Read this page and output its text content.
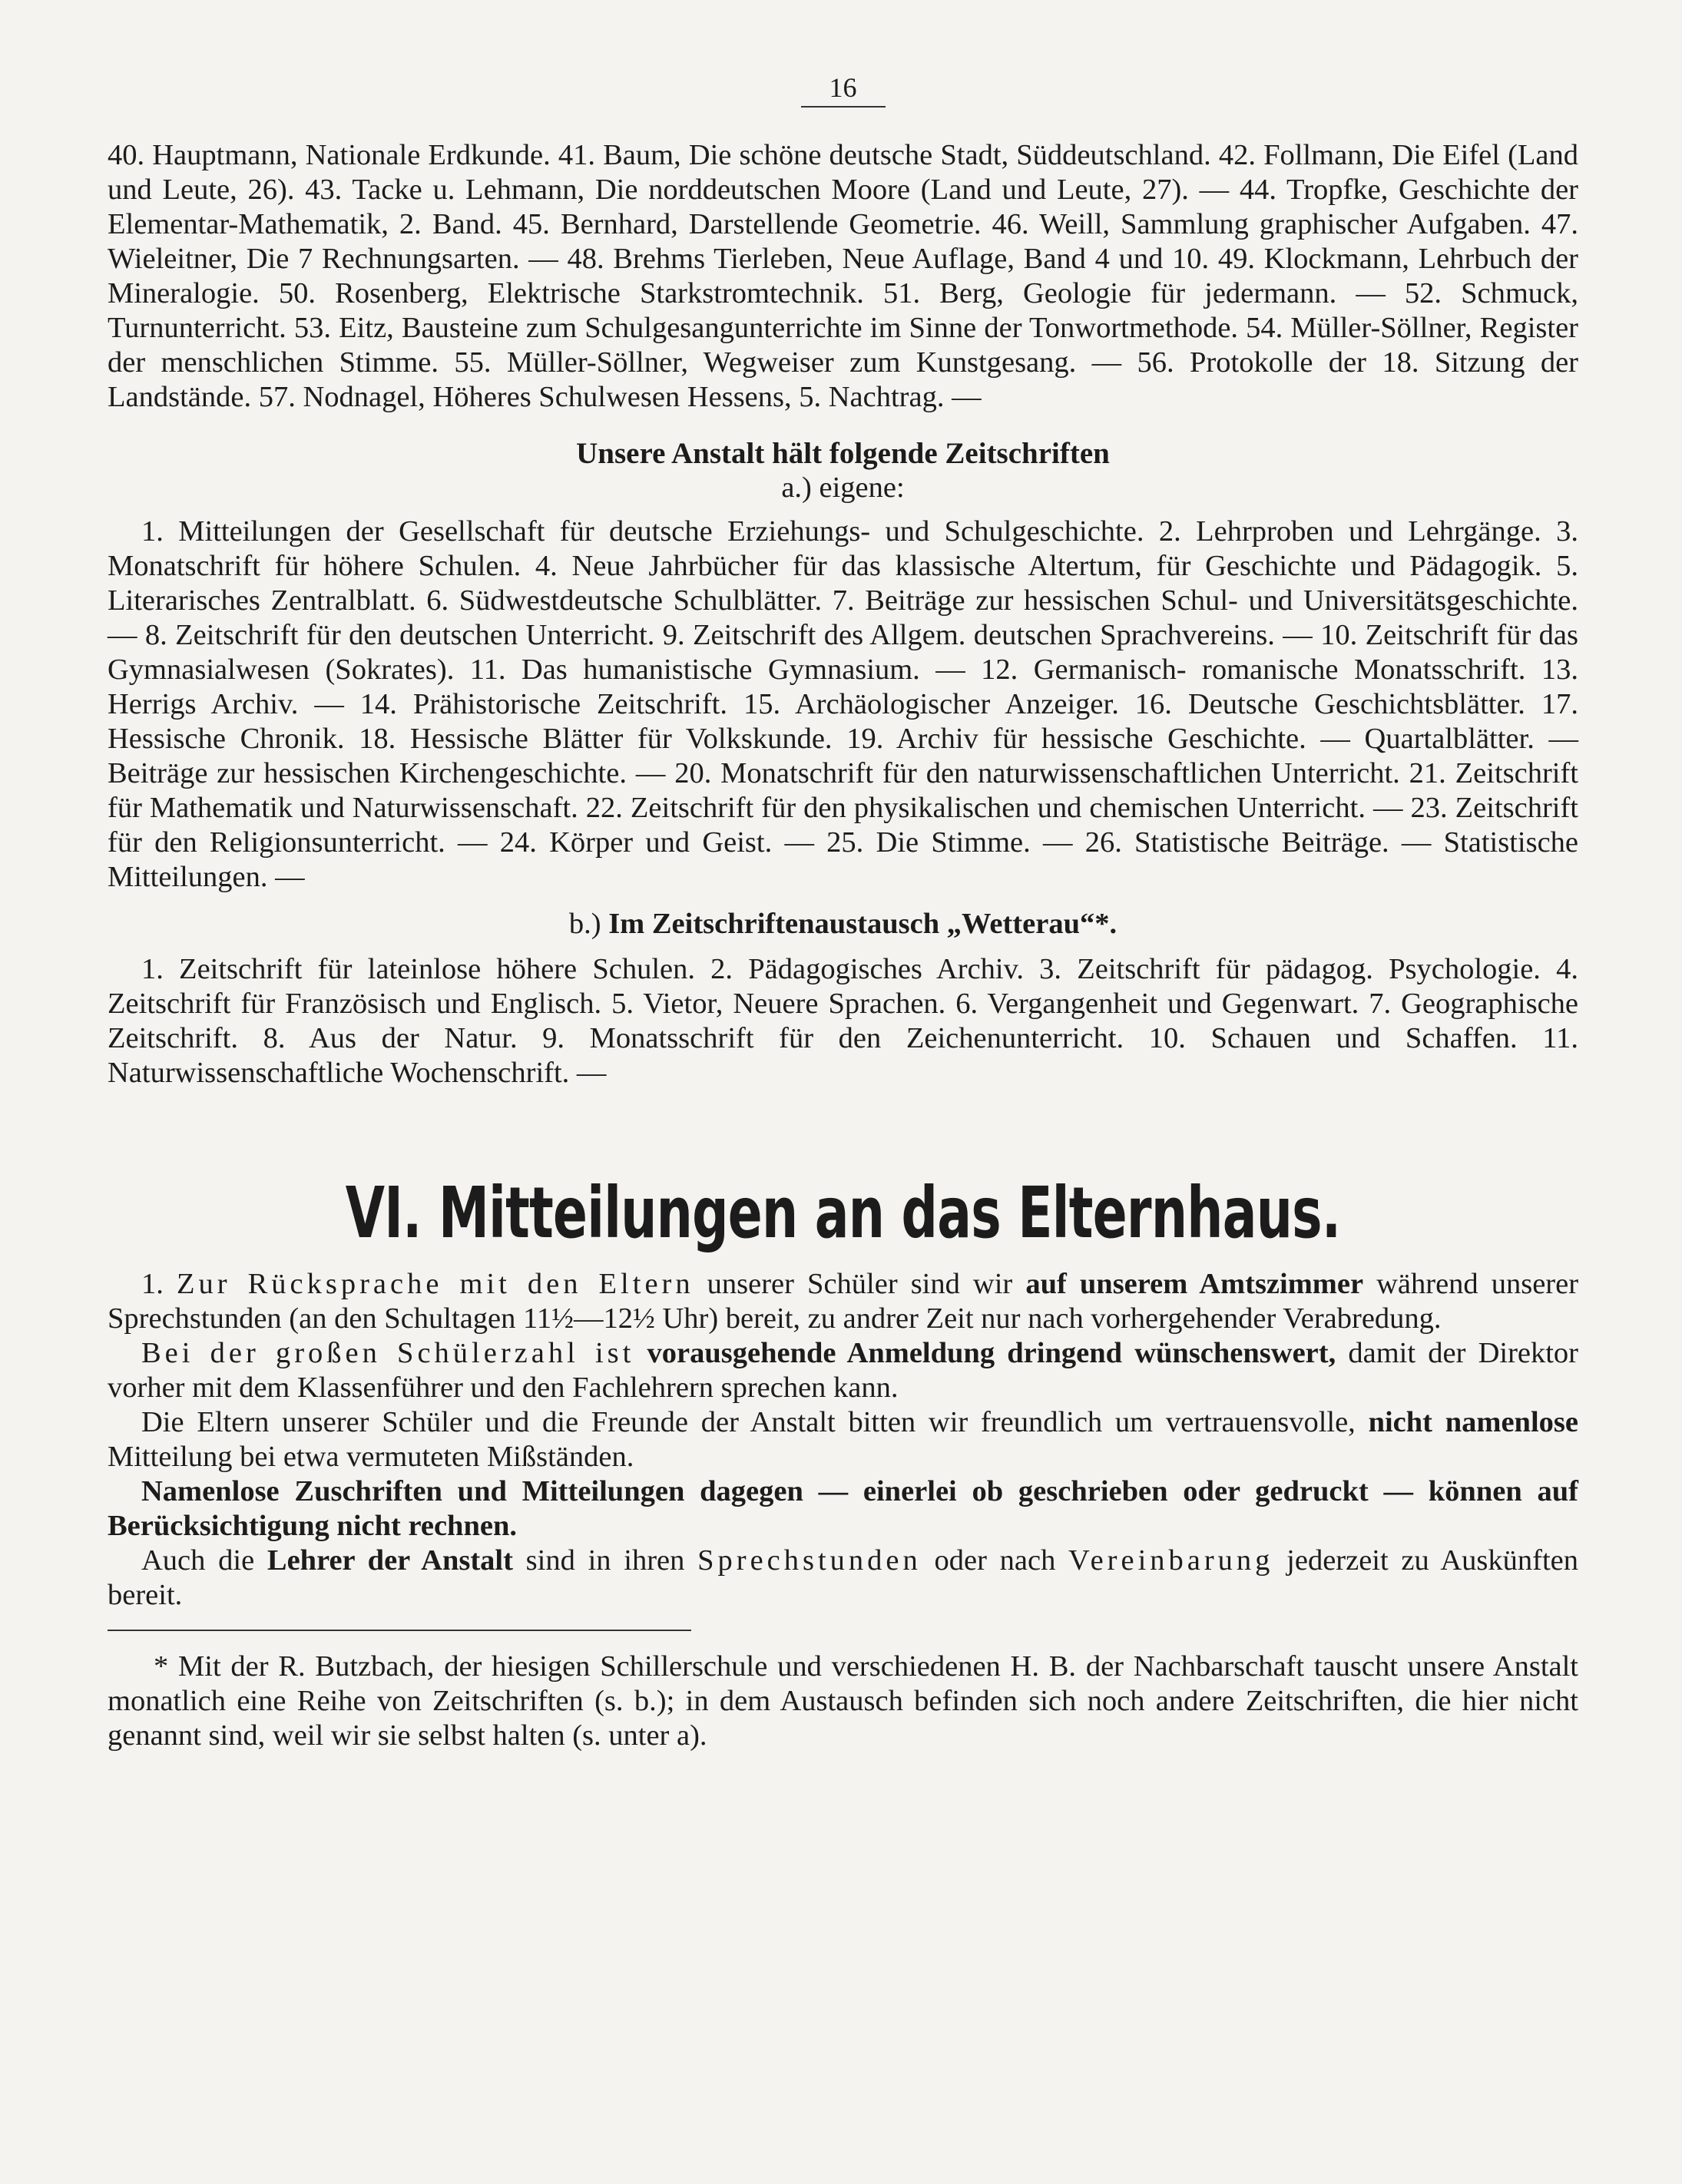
16

40. Hauptmann, Nationale Erdkunde. 41. Baum, Die schöne deutsche Stadt, Süddeutschland. 42. Follmann, Die Eifel (Land und Leute, 26). 43. Tacke u. Lehmann, Die norddeutschen Moore (Land und Leute, 27). — 44. Tropfke, Geschichte der Elementar-Mathematik, 2. Band. 45. Bernhard, Darstellende Geometrie. 46. Weill, Sammlung graphischer Aufgaben. 47. Wieleitner, Die 7 Rechnungsarten. — 48. Brehms Tierleben, Neue Auflage, Band 4 und 10. 49. Klockmann, Lehrbuch der Mineralogie. 50. Rosenberg, Elektrische Starkstromtechnik. 51. Berg, Geologie für jedermann. — 52. Schmuck, Turnunterricht. 53. Eitz, Bausteine zum Schulgesangunterrichte im Sinne der Tonwortmethode. 54. Müller-Söllner, Register der menschlichen Stimme. 55. Müller-Söllner, Wegweiser zum Kunstgesang. — 56. Protokolle der 18. Sitzung der Landstände. 57. Nodnagel, Höheres Schulwesen Hessens, 5. Nachtrag. —

Unsere Anstalt hält folgende Zeitschriften
a.) eigene:

1. Mitteilungen der Gesellschaft für deutsche Erziehungs- und Schulgeschichte. 2. Lehrproben und Lehrgänge. 3. Monatschrift für höhere Schulen. 4. Neue Jahrbücher für das klassische Altertum, für Geschichte und Pädagogik. 5. Literarisches Zentralblatt. 6. Südwestdeutsche Schulblätter. 7. Beiträge zur hessischen Schul- und Universitätsgeschichte. — 8. Zeitschrift für den deutschen Unterricht. 9. Zeitschrift des Allgem. deutschen Sprachvereins. — 10. Zeitschrift für das Gymnasialwesen (Sokrates). 11. Das humanistische Gymnasium. — 12. Germanisch- romanische Monatsschrift. 13. Herrigs Archiv. — 14. Prähistorische Zeitschrift. 15. Archäologischer Anzeiger. 16. Deutsche Geschichtsblätter. 17. Hessische Chronik. 18. Hessische Blätter für Volkskunde. 19. Archiv für hessische Geschichte. — Quartalblätter. — Beiträge zur hessischen Kirchengeschichte. — 20. Monatschrift für den naturwissenschaftlichen Unterricht. 21. Zeitschrift für Mathematik und Naturwissenschaft. 22. Zeitschrift für den physikalischen und chemischen Unterricht. — 23. Zeitschrift für den Religionsunterricht. — 24. Körper und Geist. — 25. Die Stimme. — 26. Statistische Beiträge. — Statistische Mitteilungen. —

b.) Im Zeitschriftenaustausch „Wetterau“*.

1. Zeitschrift für lateinlose höhere Schulen. 2. Pädagogisches Archiv. 3. Zeitschrift für pädagog. Psychologie. 4. Zeitschrift für Französisch und Englisch. 5. Vietor, Neuere Sprachen. 6. Vergangenheit und Gegenwart. 7. Geographische Zeitschrift. 8. Aus der Natur. 9. Monatsschrift für den Zeichenunterricht. 10. Schauen und Schaffen. 11. Naturwissenschaftliche Wochenschrift. —

VI. Mitteilungen an das Elternhaus.

1. Zur Rücksprache mit den Eltern unserer Schüler sind wir auf unserem Amtszimmer während unserer Sprechstunden (an den Schultagen 11½—12½ Uhr) bereit, zu andrer Zeit nur nach vorhergehender Verabredung.

Bei der großen Schülerzahl ist vorausgehende Anmeldung dringend wünschenswert, damit der Direktor vorher mit dem Klassenführer und den Fachlehrern sprechen kann.

Die Eltern unserer Schüler und die Freunde der Anstalt bitten wir freundlich um vertrauensvolle, nicht namenlose Mitteilung bei etwa vermuteten Mißständen.

Namenlose Zuschriften und Mitteilungen dagegen — einerlei ob geschrieben oder gedruckt — können auf Berücksichtigung nicht rechnen.

Auch die Lehrer der Anstalt sind in ihren Sprechstunden oder nach Vereinbarung jederzeit zu Auskünften bereit.

* Mit der R. Butzbach, der hiesigen Schillerschule und verschiedenen H. B. der Nachbarschaft tauscht unsere Anstalt monatlich eine Reihe von Zeitschriften (s. b.); in dem Austausch befinden sich noch andere Zeitschriften, die hier nicht genannt sind, weil wir sie selbst halten (s. unter a).
